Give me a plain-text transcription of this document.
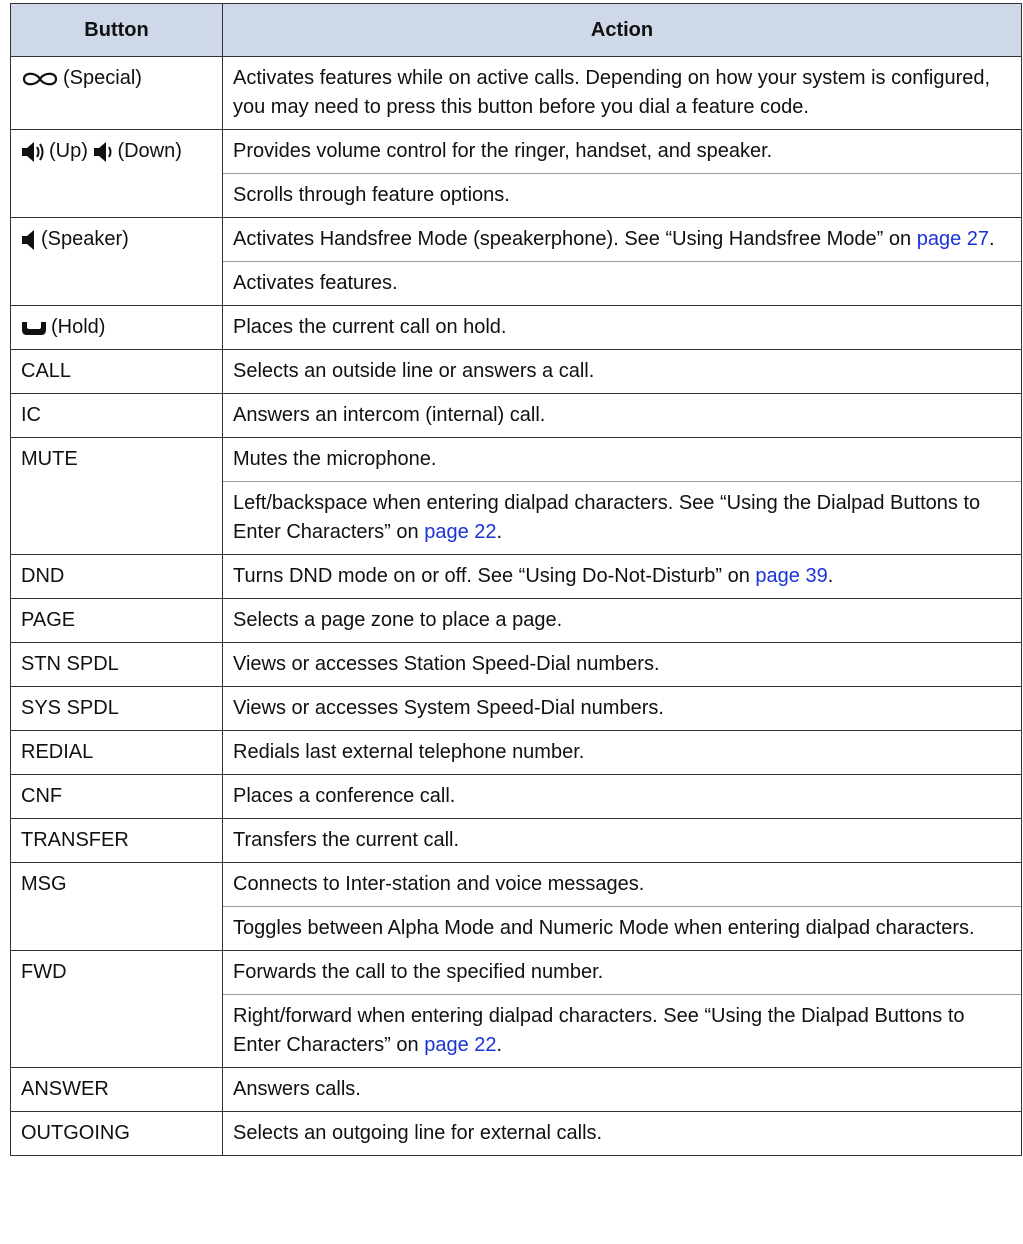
Button	Action

(Special)	Activates features while on active calls. Depending on how your system is configured, you may need to press this button before you dial a feature code.

(Up) (Down)	Provides volume control for the ringer, handset, and speaker.
	Scrolls through feature options.

(Speaker)	Activates Handsfree Mode (speakerphone). See “Using Handsfree Mode” on page 27.
	Activates features.

(Hold)	Places the current call on hold.
CALL	Selects an outside line or answers a call.
IC	Answers an intercom (internal) call.
MUTE	Mutes the microphone.
	Left/backspace when entering dialpad characters. See “Using the Dialpad Buttons to Enter Characters” on page 22.
DND	Turns DND mode on or off. See “Using Do-Not-Disturb” on page 39.
PAGE	Selects a page zone to place a page.
STN SPDL	Views or accesses Station Speed-Dial numbers.
SYS SPDL	Views or accesses System Speed-Dial numbers.
REDIAL	Redials last external telephone number.
CNF	Places a conference call.
TRANSFER	Transfers the current call.
MSG	Connects to Inter-station and voice messages.
	Toggles between Alpha Mode and Numeric Mode when entering dialpad characters.
FWD	Forwards the call to the specified number.
	Right/forward when entering dialpad characters. See “Using the Dialpad Buttons to Enter Characters” on page 22.
ANSWER	Answers calls.
OUTGOING	Selects an outgoing line for external calls.
